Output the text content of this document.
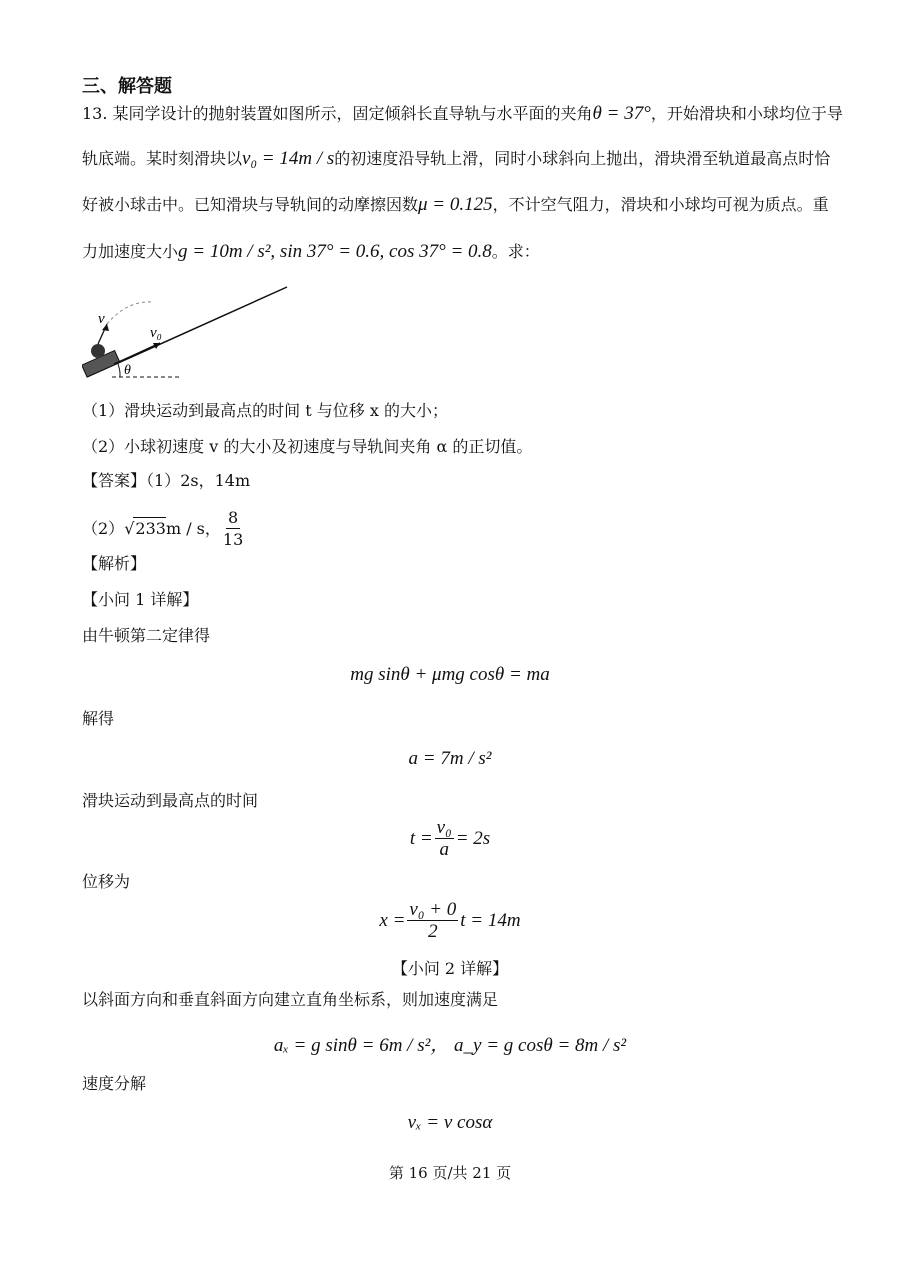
三、解答题
13. 某同学设计的抛射装置如图所示，固定倾斜长直导轨与水平面的夹角θ = 37°，开始滑块和小球均位于导
轨底端。某时刻滑块以v₀ = 14m / s的初速度沿导轨上滑，同时小球斜向上抛出，滑块滑至轨道最高点时恰
好被小球击中。已知滑块与导轨间的动摩擦因数μ = 0.125，不计空气阻力，滑块和小球均可视为质点。重
力加速度大小g = 10m / s², sin 37° = 0.6, cos 37° = 0.8。求：
v
v₀
θ
（1）滑块运动到最高点的时间 t 与位移 x 的大小；
（2）小球初速度 v 的大小及初速度与导轨间夹角 α 的正切值。
【答案】（1）2s，14m
（2）√233m / s， $\frac{8}{13}$
【解析】
【小问 1 详解】
由牛顿第二定律得
mg sinθ + μmg cosθ = ma
解得
a = 7m / s²
滑块运动到最高点的时间
$t = \frac{\text{v₀}}{a} = 2s$
位移为
$x = \frac{\text{v₀ + 0}}{2}$ t = 14m
【小问 2 详解】
以斜面方向和垂直斜面方向建立直角坐标系，则加速度满足
aₓ = g sinθ = 6m / s²， a_y = g cosθ = 8m / s²
速度分解
vₓ = v cosα
第 16 页/共 21 页
